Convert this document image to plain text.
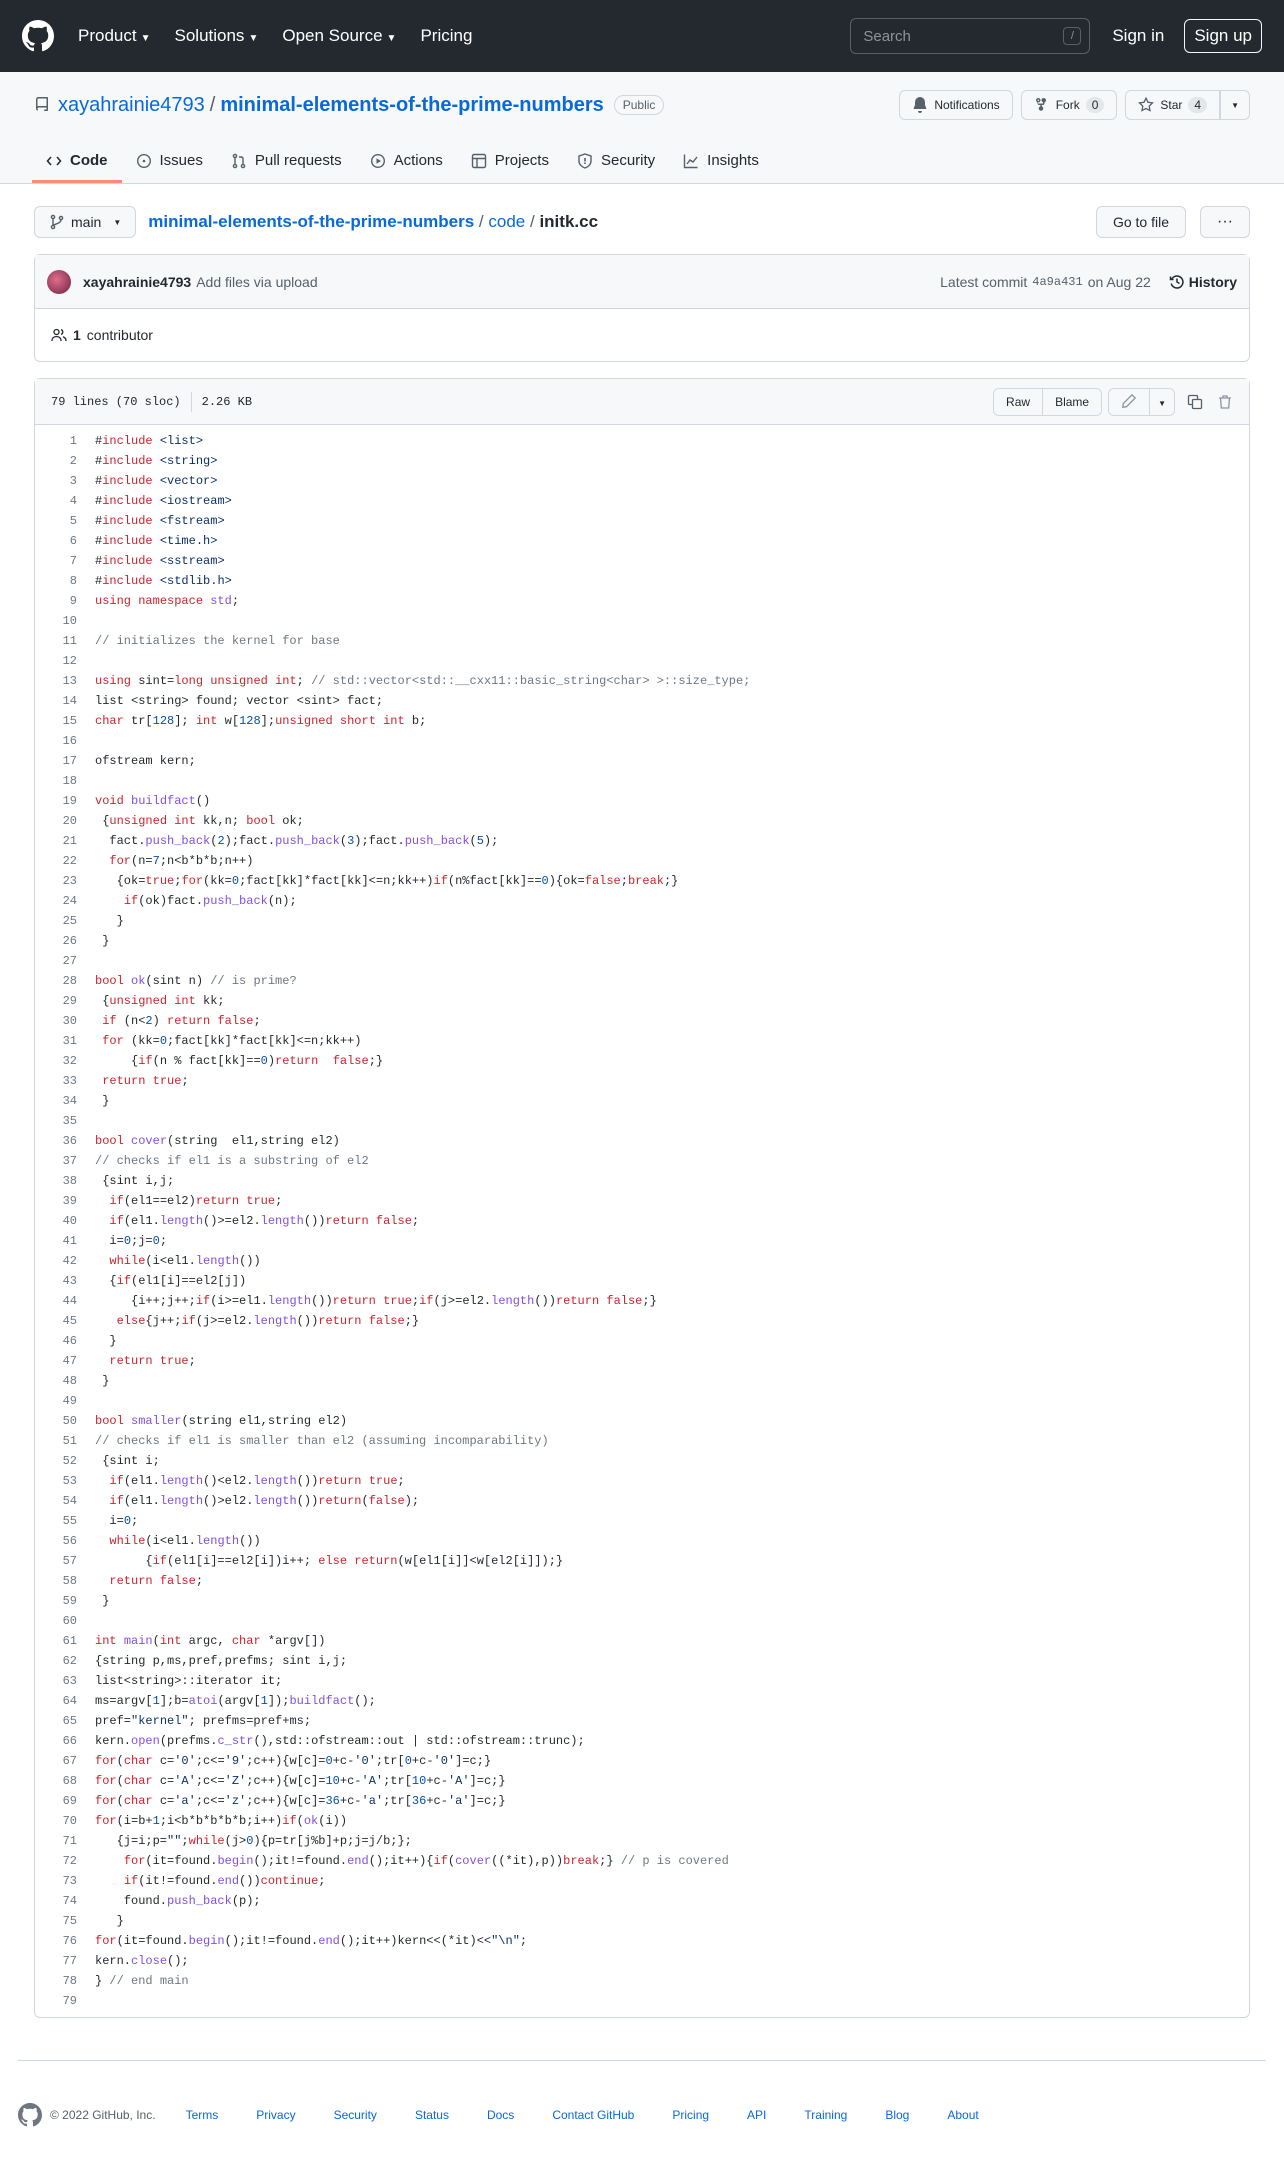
Product ▼ Solutions ▼ Open Source ▼ Pricing	Search	/	Sign in	Sign up
xayahrainie4793 / minimal-elements-of-the-prime-numbers	Public	Notifications	Fork	0	Star	4	▼
Code	Issues	Pull requests	Actions	Projects	Security	Insights
main ▼ minimal-elements-of-the-prime-numbers / code / initk.cc	Go to file	···
xayahrainie4793 Add files via upload	Latest commit 4a9a431 on Aug 22	History
1 contributor
79 lines (70 sloc) 2.26 KB	Raw	Blame	▼
1	#include <list>
2	#include <string>
3	#include <vector>
4	#include <iostream>
5	#include <fstream>
6	#include <time.h>
7	#include <sstream>
8	#include <stdlib.h>
9	using namespace std;
10
11	// initializes the kernel for base
12
13	using sint=long unsigned int; // std::vector<std::__cxx11::basic_string<char> >::size_type;
14	list <string> found; vector <sint> fact;
15	char tr[128]; int w[128];unsigned short int b;
16
17	ofstream kern;
18
19	void buildfact()
20	{unsigned int kk,n; bool ok;
21	fact.push_back(2);fact.push_back(3);fact.push_back(5);
22	for(n=7;n<b*b*b;n++)
23	{ok=true;for(kk=0;fact[kk]*fact[kk]<=n;kk++)if(n%fact[kk]==0){ok=false;break;}
24	if(ok)fact.push_back(n);
25	}
26	}
27
28	bool ok(sint n) // is prime?
29	{unsigned int kk;
30	if (n<2) return false;
31	for (kk=0;fact[kk]*fact[kk]<=n;kk++)
32	{if(n % fact[kk]==0)return false;}
33	return true;
34	}
35
36	bool cover(string  el1,string el2)
37	// checks if el1 is a substring of el2
38	{sint i,j;
39	if(el1==el2)return true;
40	if(el1.length()>=el2.length())return false;
41	i=0;j=0;
42	while(i<el1.length())
43	{if(el1[i]==el2[j])
44	{i++;j++;if(i>=el1.length())return true;if(j>=el2.length())return false;}
45	else{j++;if(j>=el2.length())return false;}
46	}
47	return true;
48	}
49
50	bool smaller(string el1,string el2)
51	// checks if el1 is smaller than el2 (assuming incomparability)
52	{sint i;
53	if(el1.length()<el2.length())return true;
54	if(el1.length()>el2.length())return(false);
55	i=0;
56	while(i<el1.length())
57	{if(el1[i]==el2[i])i++; else return(w[el1[i]]<w[el2[i]]);}
58	return false;
59	}
60
61	int main(int argc, char *argv[])
62	{string p,ms,pref,prefms; sint i,j;
63	list<string>::iterator it;
64	ms=argv[1];b=atoi(argv[1]);buildfact();
65	pref="kernel"; prefms=pref+ms;
66	kern.open(prefms.c_str(),std::ofstream::out | std::ofstream::trunc);
67	for(char c='0';c<='9';c++){w[c]=0+c-'0';tr[0+c-'0']=c;}
68	for(char c='A';c<='Z';c++){w[c]=10+c-'A';tr[10+c-'A']=c;}
69	for(char c='a';c<='z';c++){w[c]=36+c-'a';tr[36+c-'a']=c;}
70	for(i=b+1;i<b*b*b*b*b;i++)if(ok(i))
71	{j=i;p="";while(j>0){p=tr[j%b]+p;j=j/b;};
72	for(it=found.begin();it!=found.end();it++){if(cover((*it),p))break;} // p is covered
73	if(it!=found.end())continue;
74	found.push_back(p);
75	}
76	for(it=found.begin();it!=found.end();it++)kern<<(*it)<<"\n";
77	kern.close();
78	} // end main
79
© 2022 GitHub, Inc.	Terms	Privacy	Security	Status	Docs	Contact GitHub	Pricing	API	Training	Blog	About
